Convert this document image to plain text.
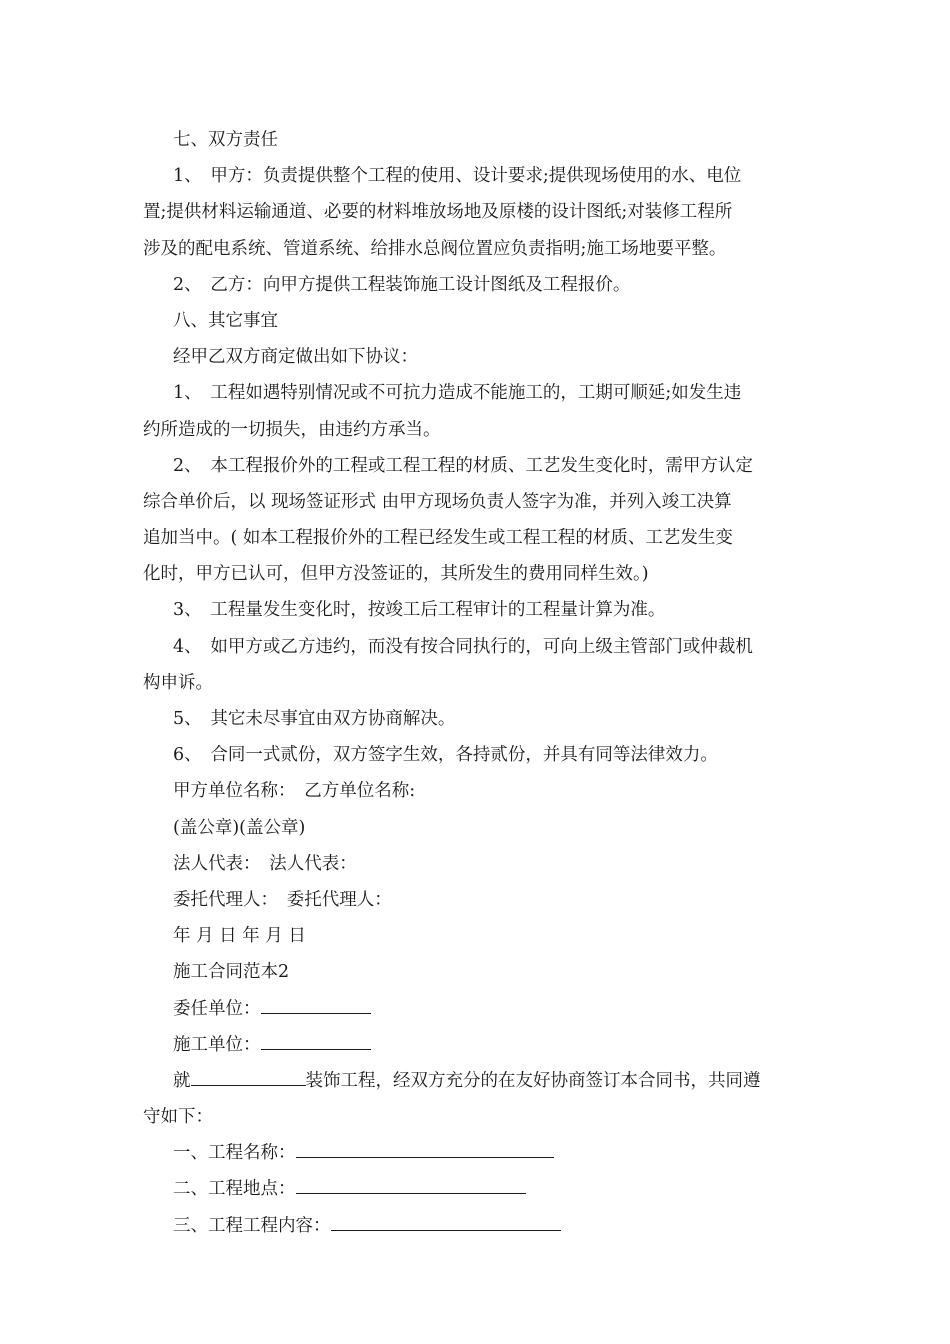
七、双方责任

1、　甲方：负责提供整个工程的使用、设计要求;提供现场使用的水、电位

置;提供材料运输通道、必要的材料堆放场地及原楼的设计图纸;对装修工程所

涉及的配电系统、管道系统、给排水总阀位置应负责指明;施工场地要平整。

2、　乙方：向甲方提供工程装饰施工设计图纸及工程报价。

八、其它事宜

经甲乙双方商定做出如下协议：

1、　工程如遇特别情况或不可抗力造成不能施工的，工期可顺延;如发生违

约所造成的一切损失，由违约方承当。

2、　本工程报价外的工程或工程工程的材质、工艺发生变化时，需甲方认定

综合单价后，以 现场签证形式 由甲方现场负责人签字为准，并列入竣工决算

追加当中。( 如本工程报价外的工程已经发生或工程工程的材质、工艺发生变

化时，甲方已认可，但甲方没签证的，其所发生的费用同样生效。)

3、　工程量发生变化时，按竣工后工程审计的工程量计算为准。

4、　如甲方或乙方违约，而没有按合同执行的，可向上级主管部门或仲裁机

构申诉。

5、　其它未尽事宜由双方协商解决。

6、　合同一式贰份，双方签字生效，各持贰份，并具有同等法律效力。

甲方单位名称：　乙方单位名称:

(盖公章)(盖公章)

法人代表：　法人代表：

委托代理人：　委托代理人：

年 月 日 年 月 日

施工合同范本2

委任单位：

施工单位：

就	装饰工程，经双方充分的在友好协商签订本合同书，共同遵

守如下：

一、工程名称：

二、工程地点：

三、工程工程内容：
